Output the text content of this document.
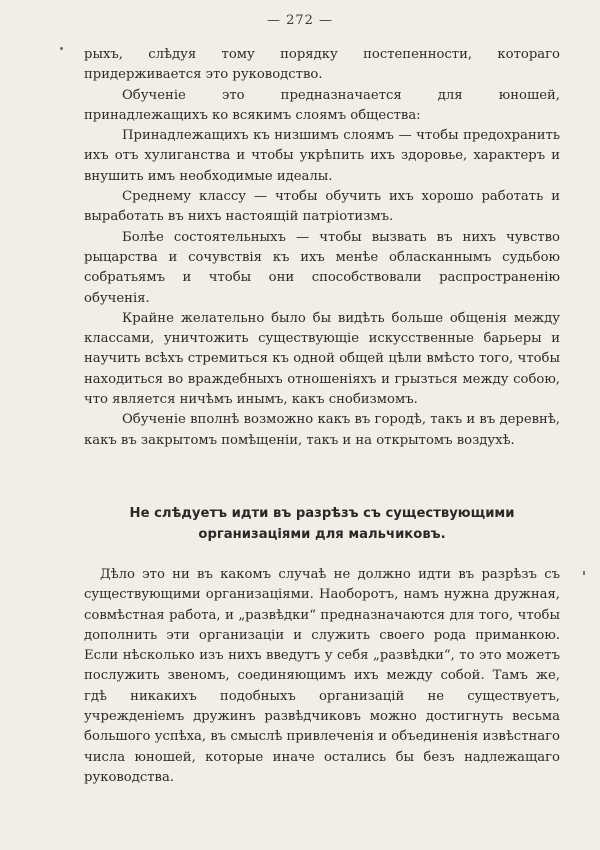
— 272 —

рыхъ, слѣдуя тому порядку постепенности, котораго придерживается это руководство.

Обученіе это предназначается для юношей, принадлежащихъ ко всякимъ слоямъ общества:

Принадлежащихъ къ низшимъ слоямъ — чтобы предохранить ихъ отъ хулиганства и чтобы укрѣпить ихъ здоровье, характеръ и внушить имъ необходимые идеалы.

Среднему классу — чтобы обучить ихъ хорошо работать и выработать въ нихъ настоящій патріотизмъ.

Болѣе состоятельныхъ — чтобы вызвать въ нихъ чувство рыцарства и сочувствія къ ихъ менѣе обласканнымъ судьбою собратьямъ и чтобы они способствовали распространенію обученія.

Крайне желательно было бы видѣть больше общенія между классами, уничтожить существующіе искусственные барьеры и научить всѣхъ стремиться къ одной общей цѣли вмѣсто того, чтобы находиться во враждебныхъ отношеніяхъ и грызться между собою, что является ничѣмъ инымъ, какъ снобизмомъ.

Обученіе вполнѣ возможно какъ въ городѣ, такъ и въ деревнѣ, какъ въ закрытомъ помѣщеніи, такъ и на открытомъ воздухѣ.

Не слѣдуетъ идти въ разрѣзъ съ существующими организаціями для мальчиковъ.

Дѣло это ни въ какомъ случаѣ не должно идти въ разрѣзъ съ существующими организаціями. Наоборотъ, намъ нужна дружная, совмѣстная работа, и „развѣдки“ предназначаются для того, чтобы дополнить эти организаціи и служить своего рода приманкою. Если нѣсколько изъ нихъ введутъ у себя „развѣдки“, то это можетъ послужить звеномъ, соединяющимъ ихъ между собой. Тамъ же, гдѣ никакихъ подобныхъ организацій не существуетъ, учрежденіемъ дружинъ развѣдчиковъ можно достигнуть весьма большого успѣха, въ смыслѣ привлеченія и объединенія извѣстнаго числа юношей, которые иначе остались бы безъ надлежащаго руководства.
